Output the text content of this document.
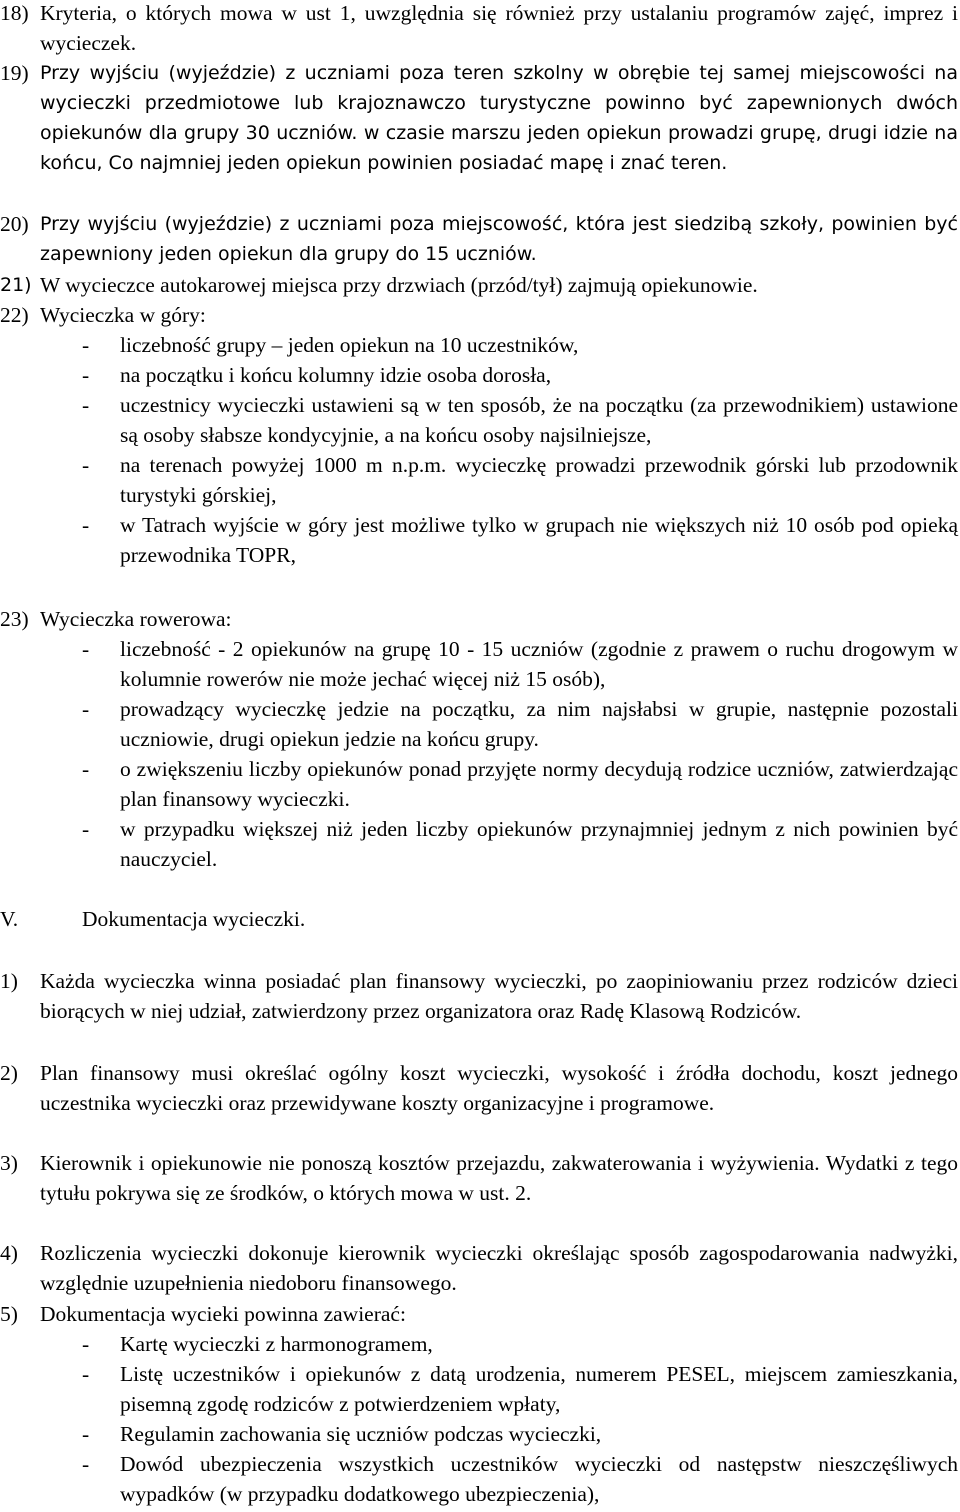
18) Kryteria, o których mowa w ust 1, uwzględnia się również przy ustalaniu programów zajęć, imprez i wycieczek.
19) Przy wyjściu (wyjeździe) z uczniami poza teren szkolny w obrębie tej samej miejscowości na wycieczki przedmiotowe lub krajoznawczo turystyczne powinno być zapewnionych dwóch opiekunów dla grupy 30 uczniów. w czasie marszu jeden opiekun prowadzi grupę, drugi idzie na końcu, Co najmniej jeden opiekun powinien posiadać mapę i znać teren.
20) Przy wyjściu (wyjeździe) z uczniami poza miejscowość, która jest siedzibą szkoły, powinien być zapewniony jeden opiekun dla grupy do 15 uczniów.
21) W wycieczce autokarowej miejsca przy drzwiach (przód/tył) zajmują opiekunowie.
22) Wycieczka w góry:
- liczebność grupy – jeden opiekun na 10 uczestników,
- na początku i końcu kolumny idzie osoba dorosła,
- uczestnicy wycieczki ustawieni są w ten sposób, że na początku (za przewodnikiem) ustawione są osoby słabsze kondycyjnie, a na końcu osoby najsilniejsze,
- na terenach powyżej 1000 m n.p.m. wycieczkę prowadzi przewodnik górski lub przodownik turystyki górskiej,
- w Tatrach wyjście w góry jest możliwe tylko w grupach nie większych niż 10 osób pod opieką przewodnika TOPR,
23) Wycieczka rowerowa:
- liczebność - 2 opiekunów na grupę 10 - 15 uczniów (zgodnie z prawem o ruchu drogowym w kolumnie rowerów nie może jechać więcej niż 15 osób),
- prowadzący wycieczkę jedzie na początku, za nim najsłabsi w grupie, następnie pozostali uczniowie, drugi opiekun jedzie na końcu grupy.
- o zwiększeniu liczby opiekunów ponad przyjęte normy decydują rodzice uczniów, zatwierdzając plan finansowy wycieczki.
- w przypadku większej niż jeden liczby opiekunów przynajmniej jednym z nich powinien być nauczyciel.
V.	Dokumentacja wycieczki.
1) Każda wycieczka winna posiadać plan finansowy wycieczki, po zaopiniowaniu przez rodziców dzieci biorących w niej udział, zatwierdzony przez organizatora oraz Radę Klasową Rodziców.
2) Plan finansowy musi określać ogólny koszt wycieczki, wysokość i źródła dochodu, koszt jednego uczestnika wycieczki oraz przewidywane koszty organizacyjne i programowe.
3) Kierownik i opiekunowie nie ponoszą kosztów przejazdu, zakwaterowania i wyżywienia. Wydatki z tego tytułu pokrywa się ze środków, o których mowa w ust. 2.
4) Rozliczenia wycieczki dokonuje kierownik wycieczki określając sposób zagospodarowania nadwyżki, względnie uzupełnienia niedoboru finansowego.
5) Dokumentacja wycieki powinna zawierać:
- Kartę wycieczki z harmonogramem,
- Listę uczestników i opiekunów z datą urodzenia, numerem PESEL, miejscem zamieszkania, pisemną zgodę rodziców z potwierdzeniem wpłaty,
- Regulamin zachowania się uczniów podczas wycieczki,
- Dowód ubezpieczenia wszystkich uczestników wycieczki od następstw nieszczęśliwych wypadków (w przypadku dodatkowego ubezpieczenia),
